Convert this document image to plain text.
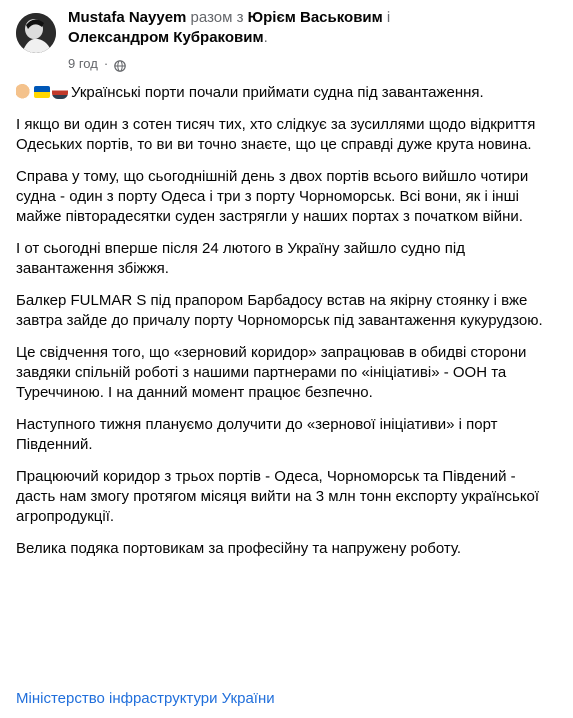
Mustafa Nayyem разом з Юрієм Васьковим і
Олександром Кубраковим.
9 год ·

Українські порти почали приймати судна під завантаження.

І якщо ви один з сотен тисяч тих, хто слідкує за зусиллями щодо відкриття Одеських портів, то ви ви точно знаєте, що це справді дуже крута новина.

Справа у тому, що сьогоднішній день з двох портів всього вийшло чотири судна - один з порту Одеса і три з порту Чорноморськ. Всі вони, як і інші майже півторадесятки суден застрягли у наших портах з початком війни.

І от сьогодні вперше після 24 лютого в Україну зайшло судно під завантаження збіжжя.

Балкер FULMAR S під прапором Барбадосу встав на якірну стоянку і вже завтра зайде до причалу порту Чорноморськ під завантаження кукурудзою.

Це свідчення того, що «зерновий коридор» запрацював в обидві сторони завдяки спільній роботі з нашими партнерами по «ініціативі» - ООН та Туреччиною. І на данний момент працює безпечно.

Наступного тижня плануємо долучити до «зернової ініціативи» і порт Південний.

Працюючий коридор з трьох портів - Одеса, Чорноморськ та Південий - дасть нам змогу протягом місяця вийти на 3 млн тонн експорту української агропродукції.

Велика подяка портовикам за професійну та напружену роботу.

Міністерство інфраструктури України
